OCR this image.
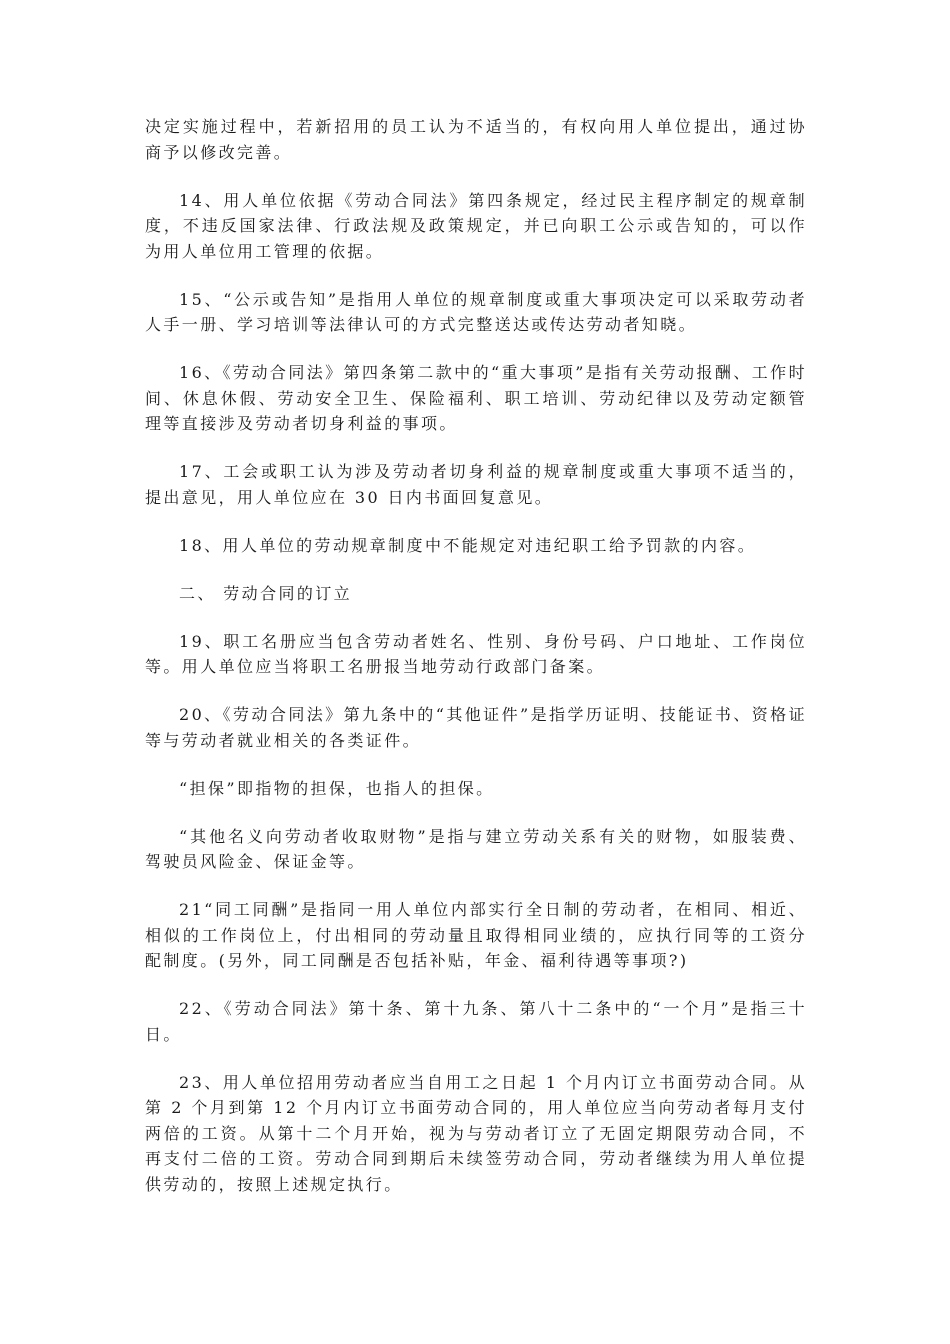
决定实施过程中，若新招用的员工认为不适当的，有权向用人单位提出，通过协商予以修改完善。

14、用人单位依据《劳动合同法》第四条规定，经过民主程序制定的规章制度，不违反国家法律、行政法规及政策规定，并已向职工公示或告知的，可以作为用人单位用工管理的依据。

15、“公示或告知”是指用人单位的规章制度或重大事项决定可以采取劳动者人手一册、学习培训等法律认可的方式完整送达或传达劳动者知晓。

16、《劳动合同法》第四条第二款中的“重大事项”是指有关劳动报酬、工作时间、休息休假、劳动安全卫生、保险福利、职工培训、劳动纪律以及劳动定额管理等直接涉及劳动者切身利益的事项。

17、工会或职工认为涉及劳动者切身利益的规章制度或重大事项不适当的，提出意见，用人单位应在 30 日内书面回复意见。

18、用人单位的劳动规章制度中不能规定对违纪职工给予罚款的内容。

二、 劳动合同的订立

19、职工名册应当包含劳动者姓名、性别、身份号码、户口地址、工作岗位等。用人单位应当将职工名册报当地劳动行政部门备案。

20、《劳动合同法》第九条中的“其他证件”是指学历证明、技能证书、资格证等与劳动者就业相关的各类证件。

“担保”即指物的担保，也指人的担保。

“其他名义向劳动者收取财物”是指与建立劳动关系有关的财物，如服装费、驾驶员风险金、保证金等。

21“同工同酬”是指同一用人单位内部实行全日制的劳动者，在相同、相近、相似的工作岗位上，付出相同的劳动量且取得相同业绩的，应执行同等的工资分配制度。(另外，同工同酬是否包括补贴，年金、福利待遇等事项?)

22、《劳动合同法》第十条、第十九条、第八十二条中的“一个月”是指三十日。

23、用人单位招用劳动者应当自用工之日起 1 个月内订立书面劳动合同。从第 2 个月到第 12 个月内订立书面劳动合同的，用人单位应当向劳动者每月支付两倍的工资。从第十二个月开始，视为与劳动者订立了无固定期限劳动合同，不再支付二倍的工资。劳动合同到期后未续签劳动合同，劳动者继续为用人单位提供劳动的，按照上述规定执行。
